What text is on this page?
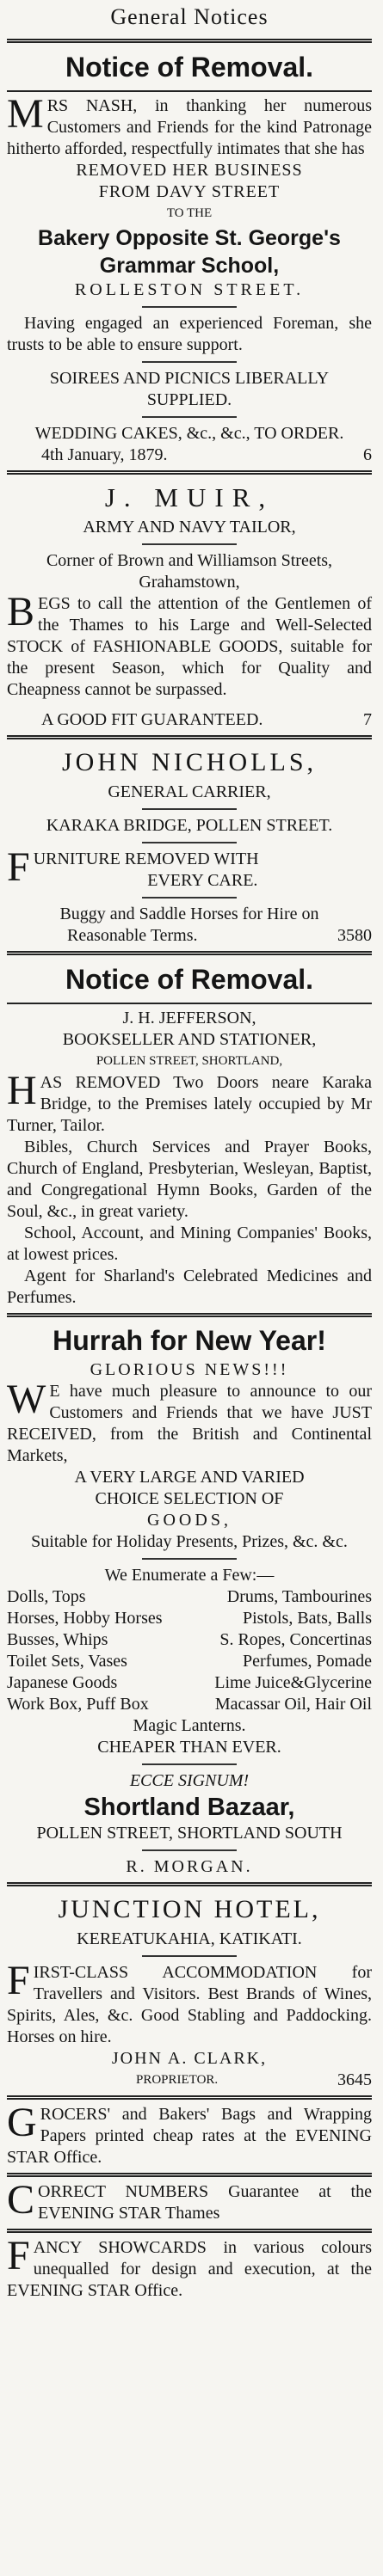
General Notices
Notice of Removal.

MRS NASH, in thanking her numerous Customers and Friends for the kind Patronage hitherto afforded, respectfully intimates that she has

REMOVED HER BUSINESS
FROM DAVY STREET
TO THE
Bakery Opposite St. George's
Grammar School,
ROLLESTON STREET.

Having engaged an experienced Foreman, she trusts to be able to ensure support.

SOIREES AND PICNICS LIBERALLY
SUPPLIED.
WEDDING CAKES, &c., &c., TO ORDER.
4th January, 1879.	6
J. MUIR,
ARMY AND NAVY TAILOR,
Corner of Brown and Williamson Streets,
Grahamstown,

BEGS to call the attention of the Gentlemen of the Thames to his Large and Well-Selected STOCK of FASHIONABLE GOODS, suitable for the present Season, which for Quality and Cheapness cannot be surpassed.

A GOOD FIT GUARANTEED.	7
JOHN NICHOLLS,
GENERAL CARRIER,
KARAKA BRIDGE, POLLEN STREET.

FURNITURE REMOVED WITH

EVERY CARE.
Buggy and Saddle Horses for Hire on
Reasonable Terms.	3580
Notice of Removal.
J. H. JEFFERSON,
BOOKSELLER AND STATIONER,
POLLEN STREET, SHORTLAND,

HAS REMOVED Two Doors neare Karaka Bridge, to the Premises lately occupied by Mr Turner, Tailor.

Bibles, Church Services and Prayer Books, Church of England, Presbyterian, Wesleyan, Baptist, and Congregational Hymn Books, Garden of the Soul, &c., in great variety.

School, Account, and Mining Companies' Books, at lowest prices.

Agent for Sharland's Celebrated Medicines and Perfumes.

Hurrah for New Year!
GLORIOUS NEWS!!!

W E have much pleasure to announce to our Customers and Friends that we have JUST RECEIVED, from the British and Continental Markets,

A VERY LARGE AND VARIED
CHOICE SELECTION OF
GOODS,
Suitable for Holiday Presents, Prizes, &c. &c.
We Enumerate a Few:—
Dolls, Tops	Drums, Tambourines
Horses, Hobby Horses	Pistols, Bats, Balls
Busses, Whips	S. Ropes, Concertinas
Toilet Sets, Vases	Perfumes, Pomade
Japanese Goods	Lime Juice&Glycerine
Work Box, Puff Box	Macassar Oil, Hair Oil
Magic Lanterns.
CHEAPER THAN EVER.
ECCE SIGNUM!
Shortland Bazaar,
POLLEN STREET, SHORTLAND SOUTH
R. MORGAN.
JUNCTION HOTEL,
KEREATUKAHIA, KATIKATI.

FIRST-CLASS ACCOMMODATION for Travellers and Visitors. Best Brands of Wines, Spirits, Ales, &c. Good Stabling and Paddocking. Horses on hire.

JOHN A. CLARK,
PROPRIETOR.	3645

GROCERS' and Bakers' Bags and Wrapping Papers printed cheap rates at the EVENING STAR Office.

CORRECT NUMBERS Guarantee at the EVENING STAR Thames

FANCY SHOWCARDS in various colours unequalled for design and execution, at the EVENING STAR Office.
